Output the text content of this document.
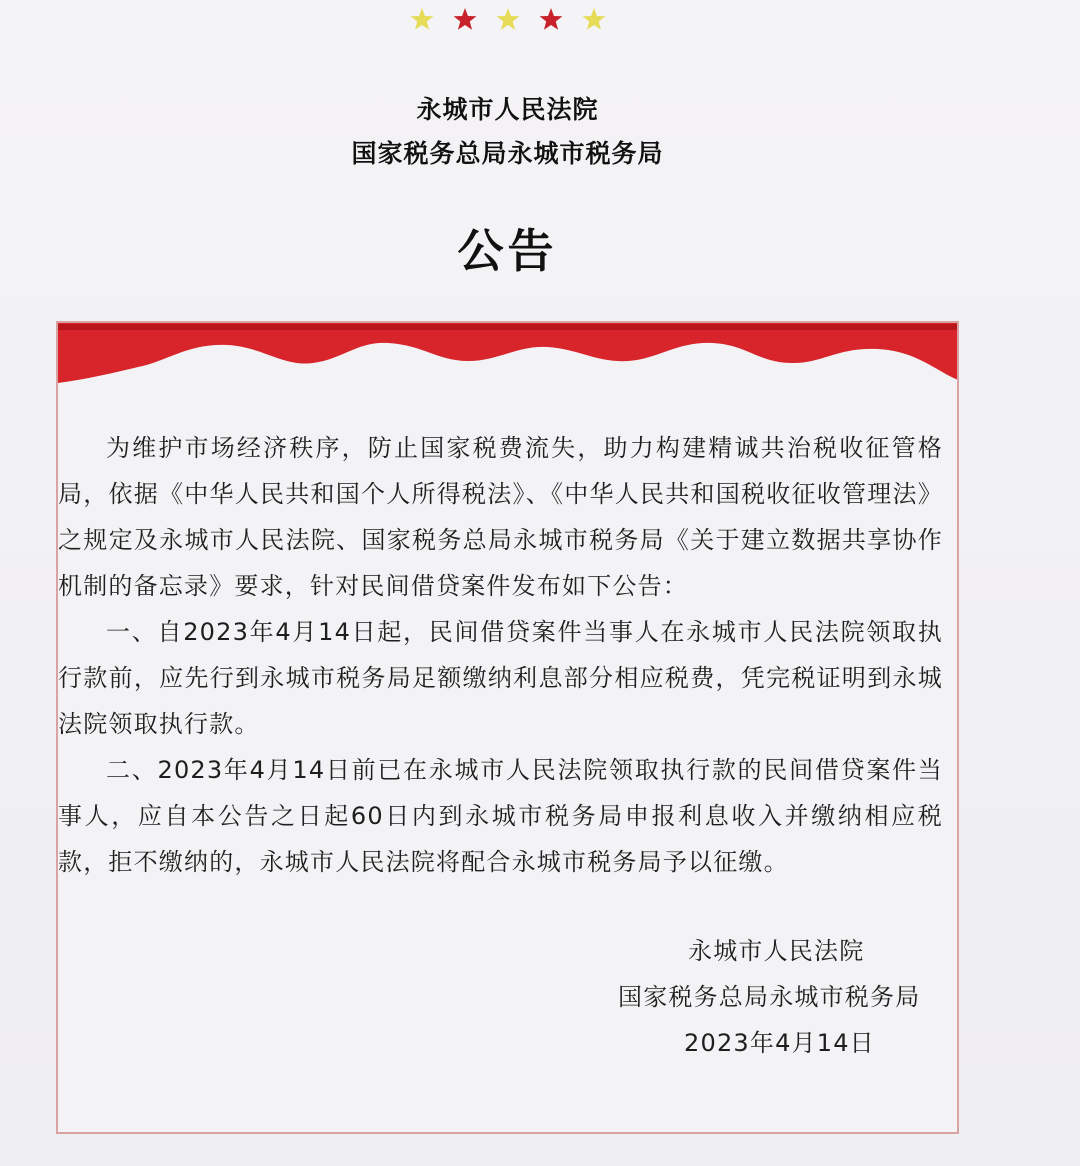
永城市人民法院
国家税务总局永城市税务局
公告

为维护市场经济秩序，防止国家税费流失，助力构建精诚共治税收征管格局，依据《中华人民共和国个人所得税法》、《中华人民共和国税收征收管理法》之规定及永城市人民法院、国家税务总局永城市税务局《关于建立数据共享协作机制的备忘录》要求，针对民间借贷案件发布如下公告：

一、自2023年4月14日起，民间借贷案件当事人在永城市人民法院领取执行款前，应先行到永城市税务局足额缴纳利息部分相应税费，凭完税证明到永城法院领取执行款。

二、2023年4月14日前已在永城市人民法院领取执行款的民间借贷案件当事人，应自本公告之日起60日内到永城市税务局申报利息收入并缴纳相应税款，拒不缴纳的，永城市人民法院将配合永城市税务局予以征缴。

永城市人民法院
国家税务总局永城市税务局
2023年4月14日
